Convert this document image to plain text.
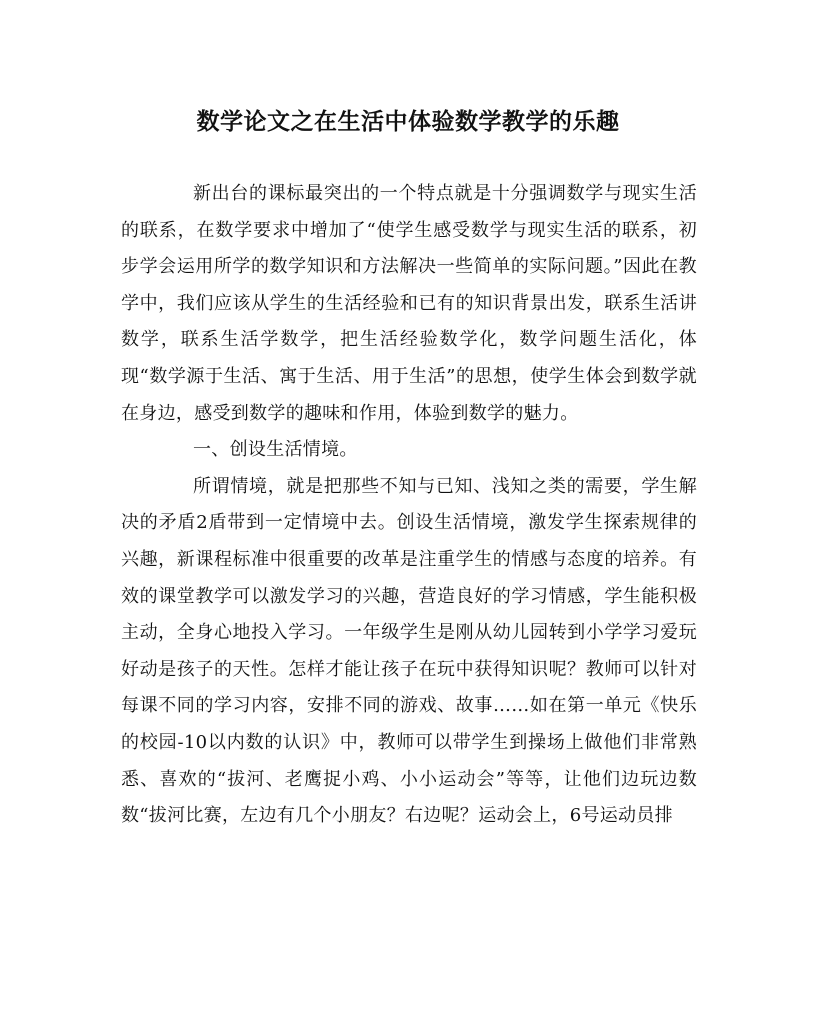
数学论文之在生活中体验数学教学的乐趣

新出台的课标最突出的一个特点就是十分强调数学与现实生活的联系，在数学要求中增加了“使学生感受数学与现实生活的联系，初步学会运用所学的数学知识和方法解决一些简单的实际问题。”因此在教学中，我们应该从学生的生活经验和已有的知识背景出发，联系生活讲数学，联系生活学数学，把生活经验数学化，数学问题生活化，体现“数学源于生活、寓于生活、用于生活”的思想，使学生体会到数学就在身边，感受到数学的趣味和作用，体验到数学的魅力。

一、创设生活情境。

所谓情境，就是把那些不知与已知、浅知之类的需要，学生解决的矛盾2盾带到一定情境中去。创设生活情境，激发学生探索规律的兴趣，新课程标准中很重要的改革是注重学生的情感与态度的培养。有效的课堂教学可以激发学习的兴趣，营造良好的学习情感，学生能积极主动，全身心地投入学习。一年级学生是刚从幼儿园转到小学学习爱玩好动是孩子的天性。怎样才能让孩子在玩中获得知识呢？教师可以针对每课不同的学习内容，安排不同的游戏、故事……如在第一单元《快乐的校园-10以内数的认识》中，教师可以带学生到操场上做他们非常熟悉、喜欢的“拔河、老鹰捉小鸡、小小运动会”等等，让他们边玩边数数“拔河比赛，左边有几个小朋友？右边呢？运动会上，6号运动员排
